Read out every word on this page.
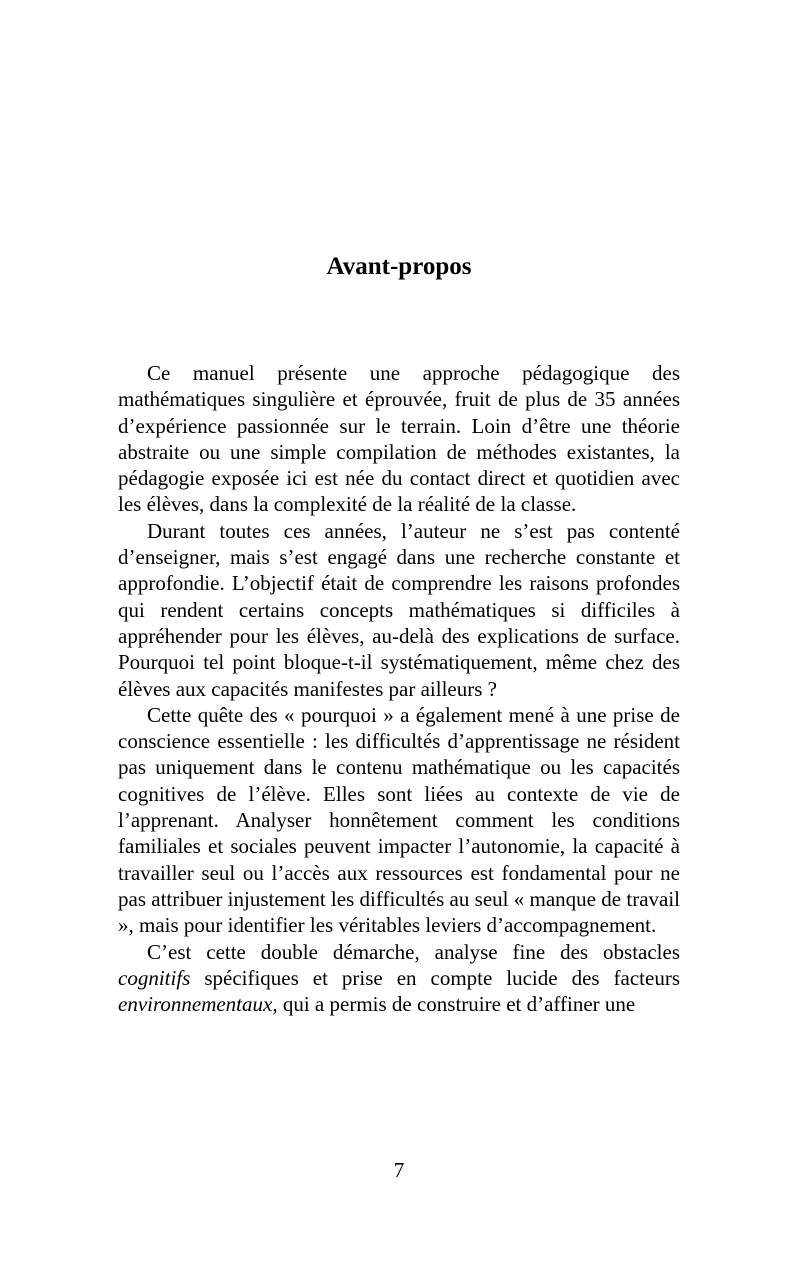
Avant-propos

Ce manuel présente une approche pédagogique des mathématiques singulière et éprouvée, fruit de plus de 35 années d’expérience passionnée sur le terrain. Loin d’être une théorie abstraite ou une simple compilation de méthodes existantes, la pédagogie exposée ici est née du contact direct et quotidien avec les élèves, dans la complexité de la réalité de la classe.

Durant toutes ces années, l’auteur ne s’est pas contenté d’enseigner, mais s’est engagé dans une recherche constante et approfondie. L’objectif était de comprendre les raisons profondes qui rendent certains concepts mathématiques si difficiles à appréhender pour les élèves, au-delà des explications de surface. Pourquoi tel point bloque-t-il systématiquement, même chez des élèves aux capacités manifestes par ailleurs ?

Cette quête des « pourquoi » a également mené à une prise de conscience essentielle : les difficultés d’apprentissage ne résident pas uniquement dans le contenu mathématique ou les capacités cognitives de l’élève. Elles sont liées au contexte de vie de l’apprenant. Analyser honnêtement comment les conditions familiales et sociales peuvent impacter l’autonomie, la capacité à travailler seul ou l’accès aux ressources est fondamental pour ne pas attribuer injustement les difficultés au seul « manque de travail », mais pour identifier les véritables leviers d’accompagnement.

C’est cette double démarche, analyse fine des obstacles cognitifs spécifiques et prise en compte lucide des facteurs environnementaux, qui a permis de construire et d’affiner une

7
